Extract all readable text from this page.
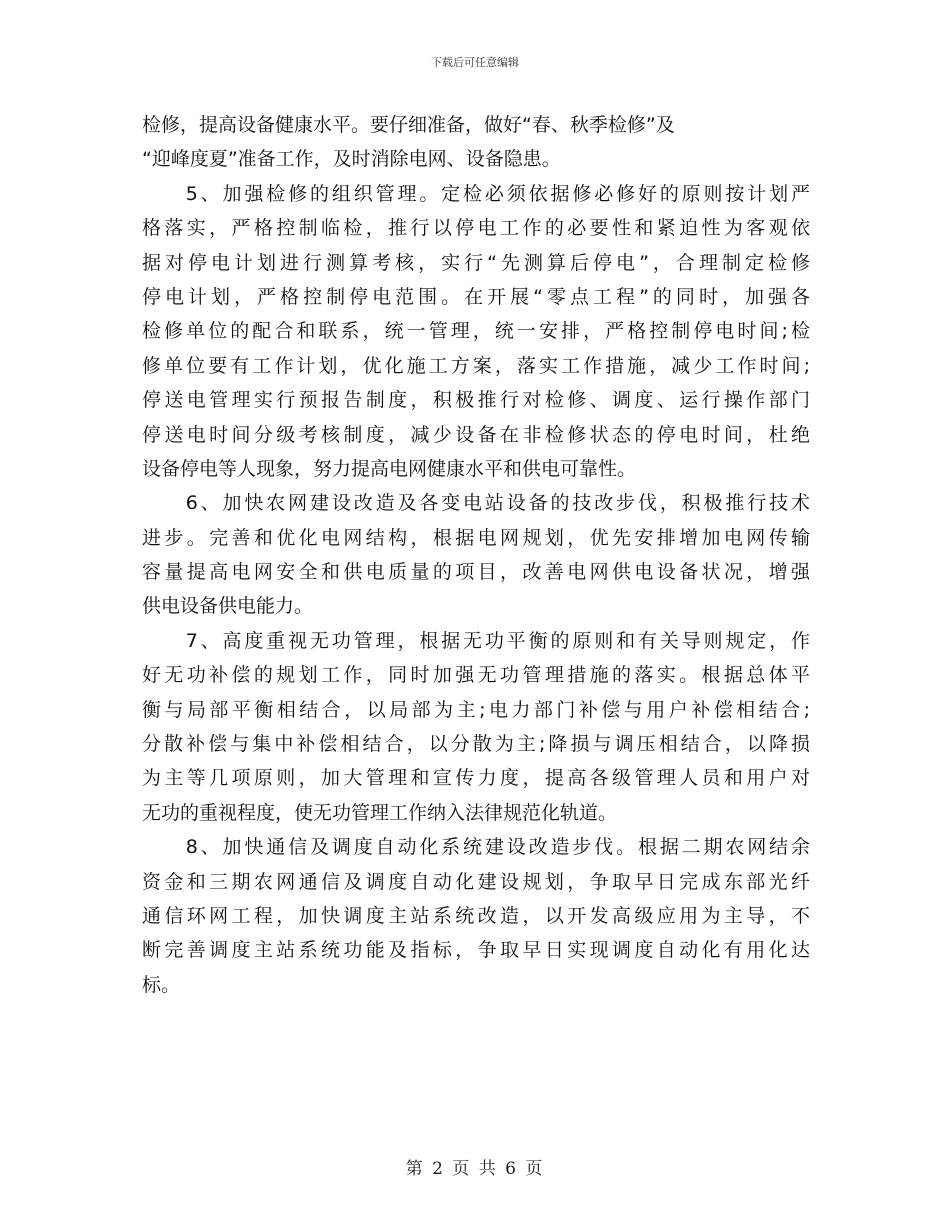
下载后可任意编辑
检修，提高设备健康水平。要仔细准备，做好“春、秋季检修”及
“迎峰度夏”准备工作，及时消除电网、设备隐患。
　　5、加强检修的组织管理。定检必须依据修必修好的原则按计划严
格落实，严格控制临检，推行以停电工作的必要性和紧迫性为客观依
据对停电计划进行测算考核，实行“先测算后停电”，合理制定检修
停电计划，严格控制停电范围。在开展“零点工程”的同时，加强各
检修单位的配合和联系，统一管理，统一安排，严格控制停电时间;检
修单位要有工作计划，优化施工方案，落实工作措施，减少工作时间;
停送电管理实行预报告制度，积极推行对检修、调度、运行操作部门
停送电时间分级考核制度，减少设备在非检修状态的停电时间，杜绝
设备停电等人现象，努力提高电网健康水平和供电可靠性。
　　6、加快农网建设改造及各变电站设备的技改步伐，积极推行技术
进步。完善和优化电网结构，根据电网规划，优先安排增加电网传输
容量提高电网安全和供电质量的项目，改善电网供电设备状况，增强
供电设备供电能力。
　　7、高度重视无功管理，根据无功平衡的原则和有关导则规定，作
好无功补偿的规划工作，同时加强无功管理措施的落实。根据总体平
衡与局部平衡相结合，以局部为主;电力部门补偿与用户补偿相结合;
分散补偿与集中补偿相结合，以分散为主;降损与调压相结合，以降损
为主等几项原则，加大管理和宣传力度，提高各级管理人员和用户对
无功的重视程度，使无功管理工作纳入法律规范化轨道。
　　8、加快通信及调度自动化系统建设改造步伐。根据二期农网结余
资金和三期农网通信及调度自动化建设规划，争取早日完成东部光纤
通信环网工程，加快调度主站系统改造，以开发高级应用为主导，不
断完善调度主站系统功能及指标，争取早日实现调度自动化有用化达
标。
第 2 页 共 6 页
